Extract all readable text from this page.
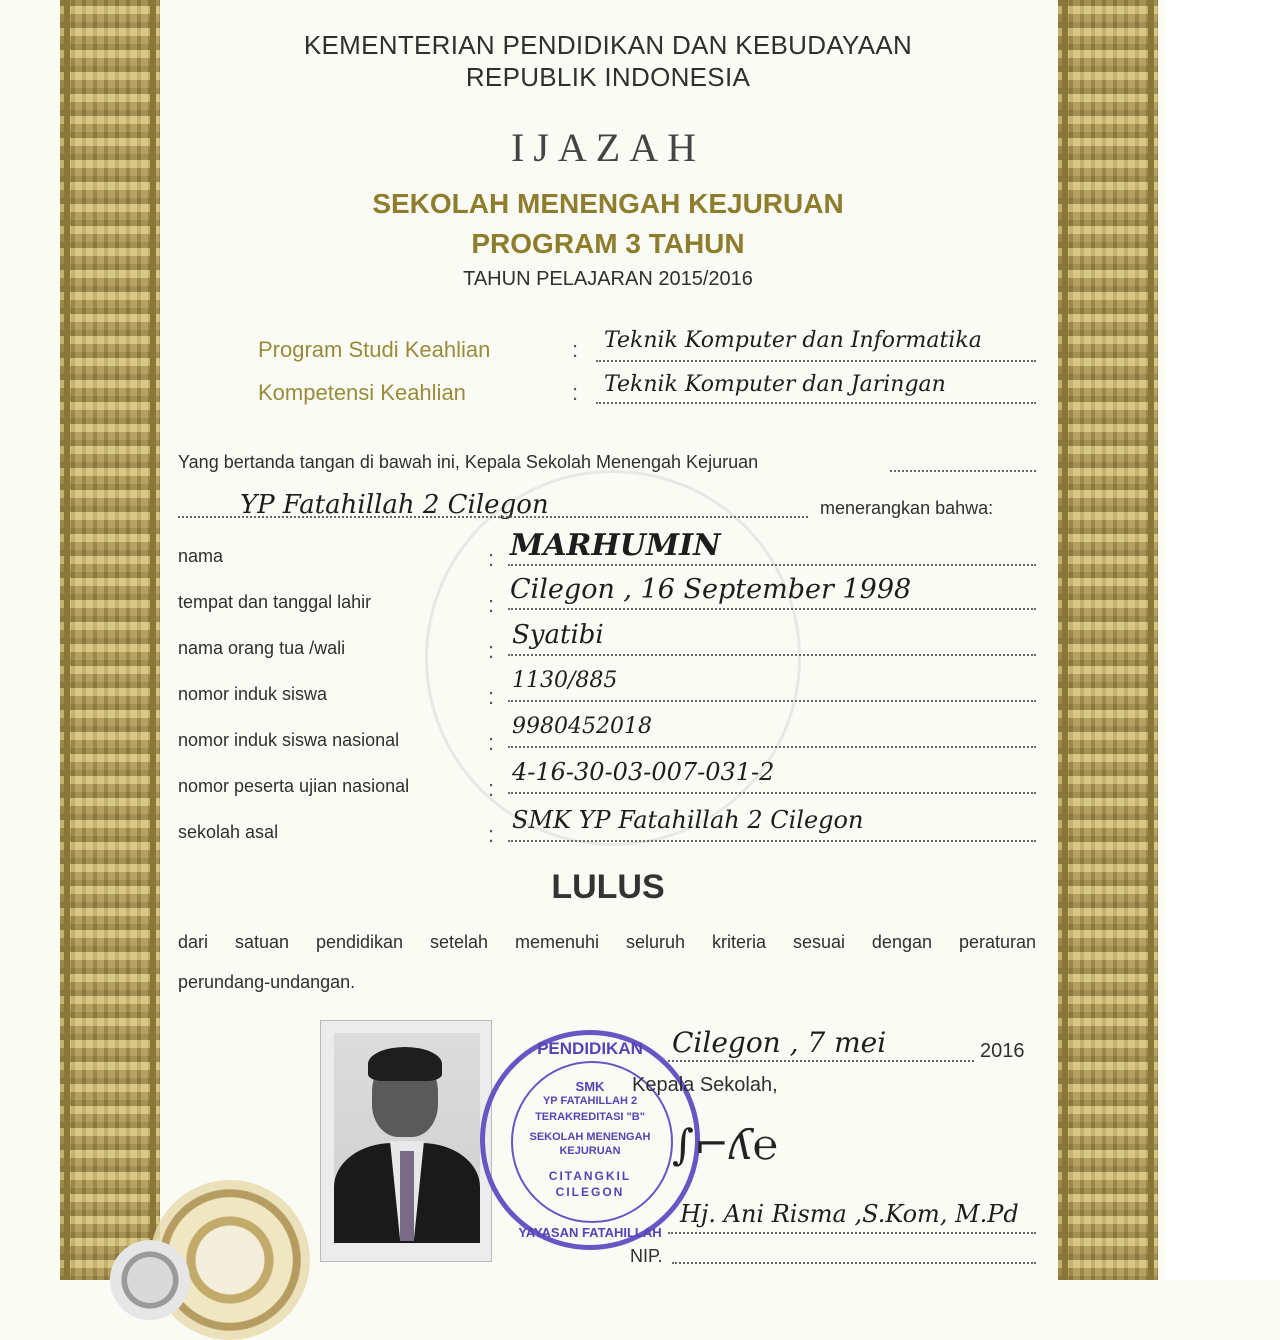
KEMENTERIAN PENDIDIKAN DAN KEBUDAYAAN
REPUBLIK INDONESIA
IJAZAH
SEKOLAH MENENGAH KEJURUAN
PROGRAM 3 TAHUN
TAHUN PELAJARAN 2015/2016
Program Studi Keahlian	: Teknik Komputer dan Informatika
Kompetensi Keahlian	: Teknik Komputer dan Jaringan
Yang bertanda tangan di bawah ini, Kepala Sekolah Menengah Kejuruan
YP Fatahillah 2 Cilegon	menerangkan bahwa:
nama	: MARHUMIN
tempat dan tanggal lahir	: Cilegon , 16 September 1998
nama orang tua /wali	:
Syatibi
nomor induk siswa	:
1130/885
nomor induk siswa nasional	:
9980452018
nomor peserta ujian nasional	:
4-16-30-03-007-031-2
sekolah asal	:
SMK YP Fatahillah 2 Cilegon
LULUS
dari satuan pendidikan setelah memenuhi seluruh kriteria sesuai dengan peraturan
perundang-undangan.
PENDIDIKAN
SMK
YP FATAHILLAH 2
TERAKREDITASI "B"
SEKOLAH MENENGAH
KEJURUAN
CITANGKIL
CILEGON
YAYASAN FATAHILLAH
Cilegon , 7 mei	2016
Kepala Sekolah,
∫⌐ʎ℮
Hj. Ani Risma ,S.Kom, M.Pd
NIP.
